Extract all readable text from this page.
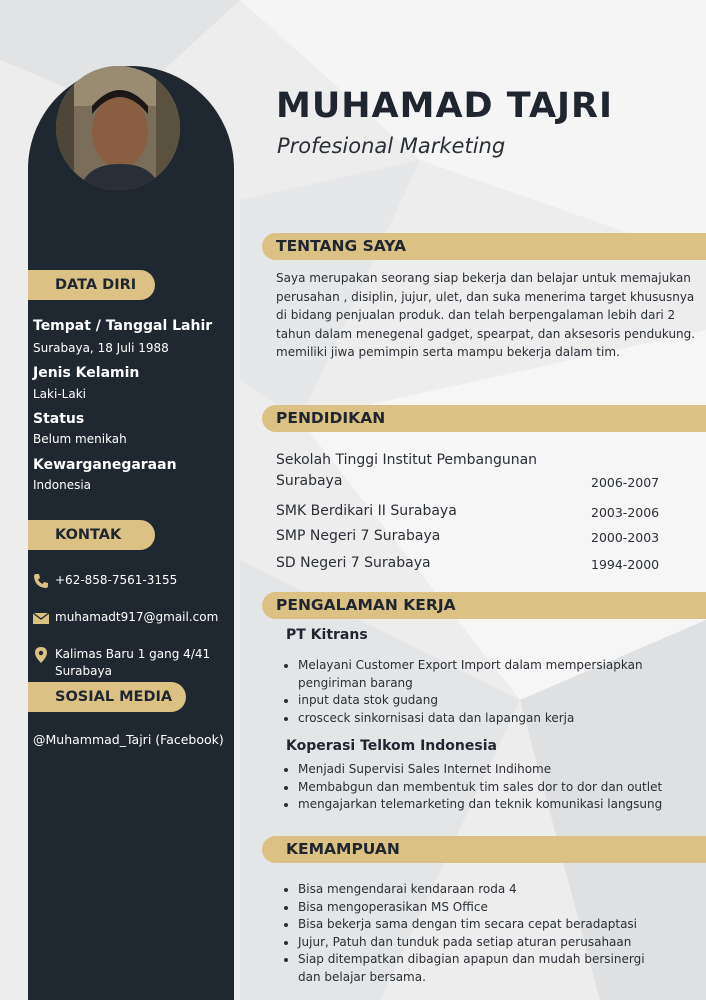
DATA DIRI
Tempat / Tanggal Lahir
Surabaya, 18 Juli 1988
Jenis Kelamin
Laki-Laki
Status
Belum menikah
Kewarganegaraan
Indonesia
KONTAK
+62-858-7561-3155
muhamadt917@gmail.com
Kalimas Baru 1 gang 4/41
Surabaya
SOSIAL MEDIA
@Muhammad_Tajri (Facebook)
MUHAMAD TAJRI
Profesional Marketing
TENTANG SAYA
Saya merupakan seorang siap bekerja dan belajar untuk memajukan perusahan , disiplin, jujur, ulet, dan suka menerima target khususnya di bidang penjualan produk. dan telah berpengalaman lebih dari 2 tahun dalam menegenal gadget, spearpat, dan aksesoris pendukung. memiliki jiwa pemimpin serta mampu bekerja dalam tim.
PENDIDIKAN
Sekolah Tinggi Institut Pembangunan Surabaya	2006-2007
SMK Berdikari II Surabaya	2003-2006
SMP Negeri 7 Surabaya	2000-2003
SD Negeri 7 Surabaya	1994-2000
PENGALAMAN KERJA
PT Kitrans
• Melayani Customer Export Import dalam mempersiapkan pengiriman barang
• input data stok gudang
• crosceck sinkornisasi data dan lapangan kerja
Koperasi Telkom Indonesia
• Menjadi Supervisi Sales Internet Indihome
• Membabgun dan membentuk tim sales dor to dor dan outlet
• mengajarkan telemarketing dan teknik komunikasi langsung
KEMAMPUAN
• Bisa mengendarai kendaraan roda 4
• Bisa mengoperasikan MS Office
• Bisa bekerja sama dengan tim secara cepat beradaptasi
• Jujur, Patuh dan tunduk pada setiap aturan perusahaan
• Siap ditempatkan dibagian apapun dan mudah bersinergi dan belajar bersama.
